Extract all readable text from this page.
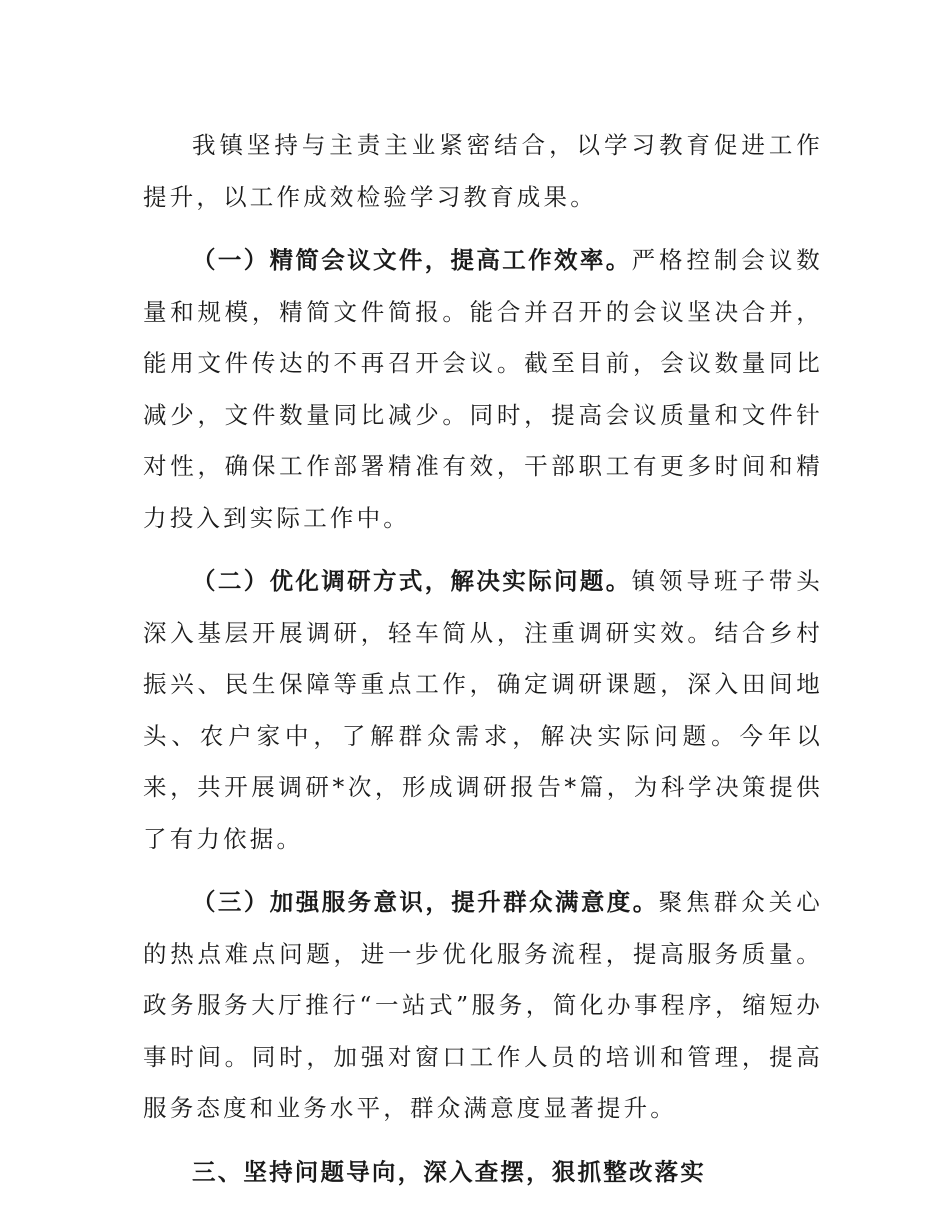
我镇坚持与主责主业紧密结合，以学习教育促进工作提升，以工作成效检验学习教育成果。

（一）精简会议文件，提高工作效率。严格控制会议数量和规模，精简文件简报。能合并召开的会议坚决合并，能用文件传达的不再召开会议。截至目前，会议数量同比减少，文件数量同比减少。同时，提高会议质量和文件针对性，确保工作部署精准有效，干部职工有更多时间和精力投入到实际工作中。

（二）优化调研方式，解决实际问题。镇领导班子带头深入基层开展调研，轻车简从，注重调研实效。结合乡村振兴、民生保障等重点工作，确定调研课题，深入田间地头、农户家中，了解群众需求，解决实际问题。今年以来，共开展调研*次，形成调研报告*篇，为科学决策提供了有力依据。

（三）加强服务意识，提升群众满意度。聚焦群众关心的热点难点问题，进一步优化服务流程，提高服务质量。政务服务大厅推行“一站式”服务，简化办事程序，缩短办事时间。同时，加强对窗口工作人员的培训和管理，提高服务态度和业务水平，群众满意度显著提升。

三、坚持问题导向，深入查摆，狠抓整改落实
